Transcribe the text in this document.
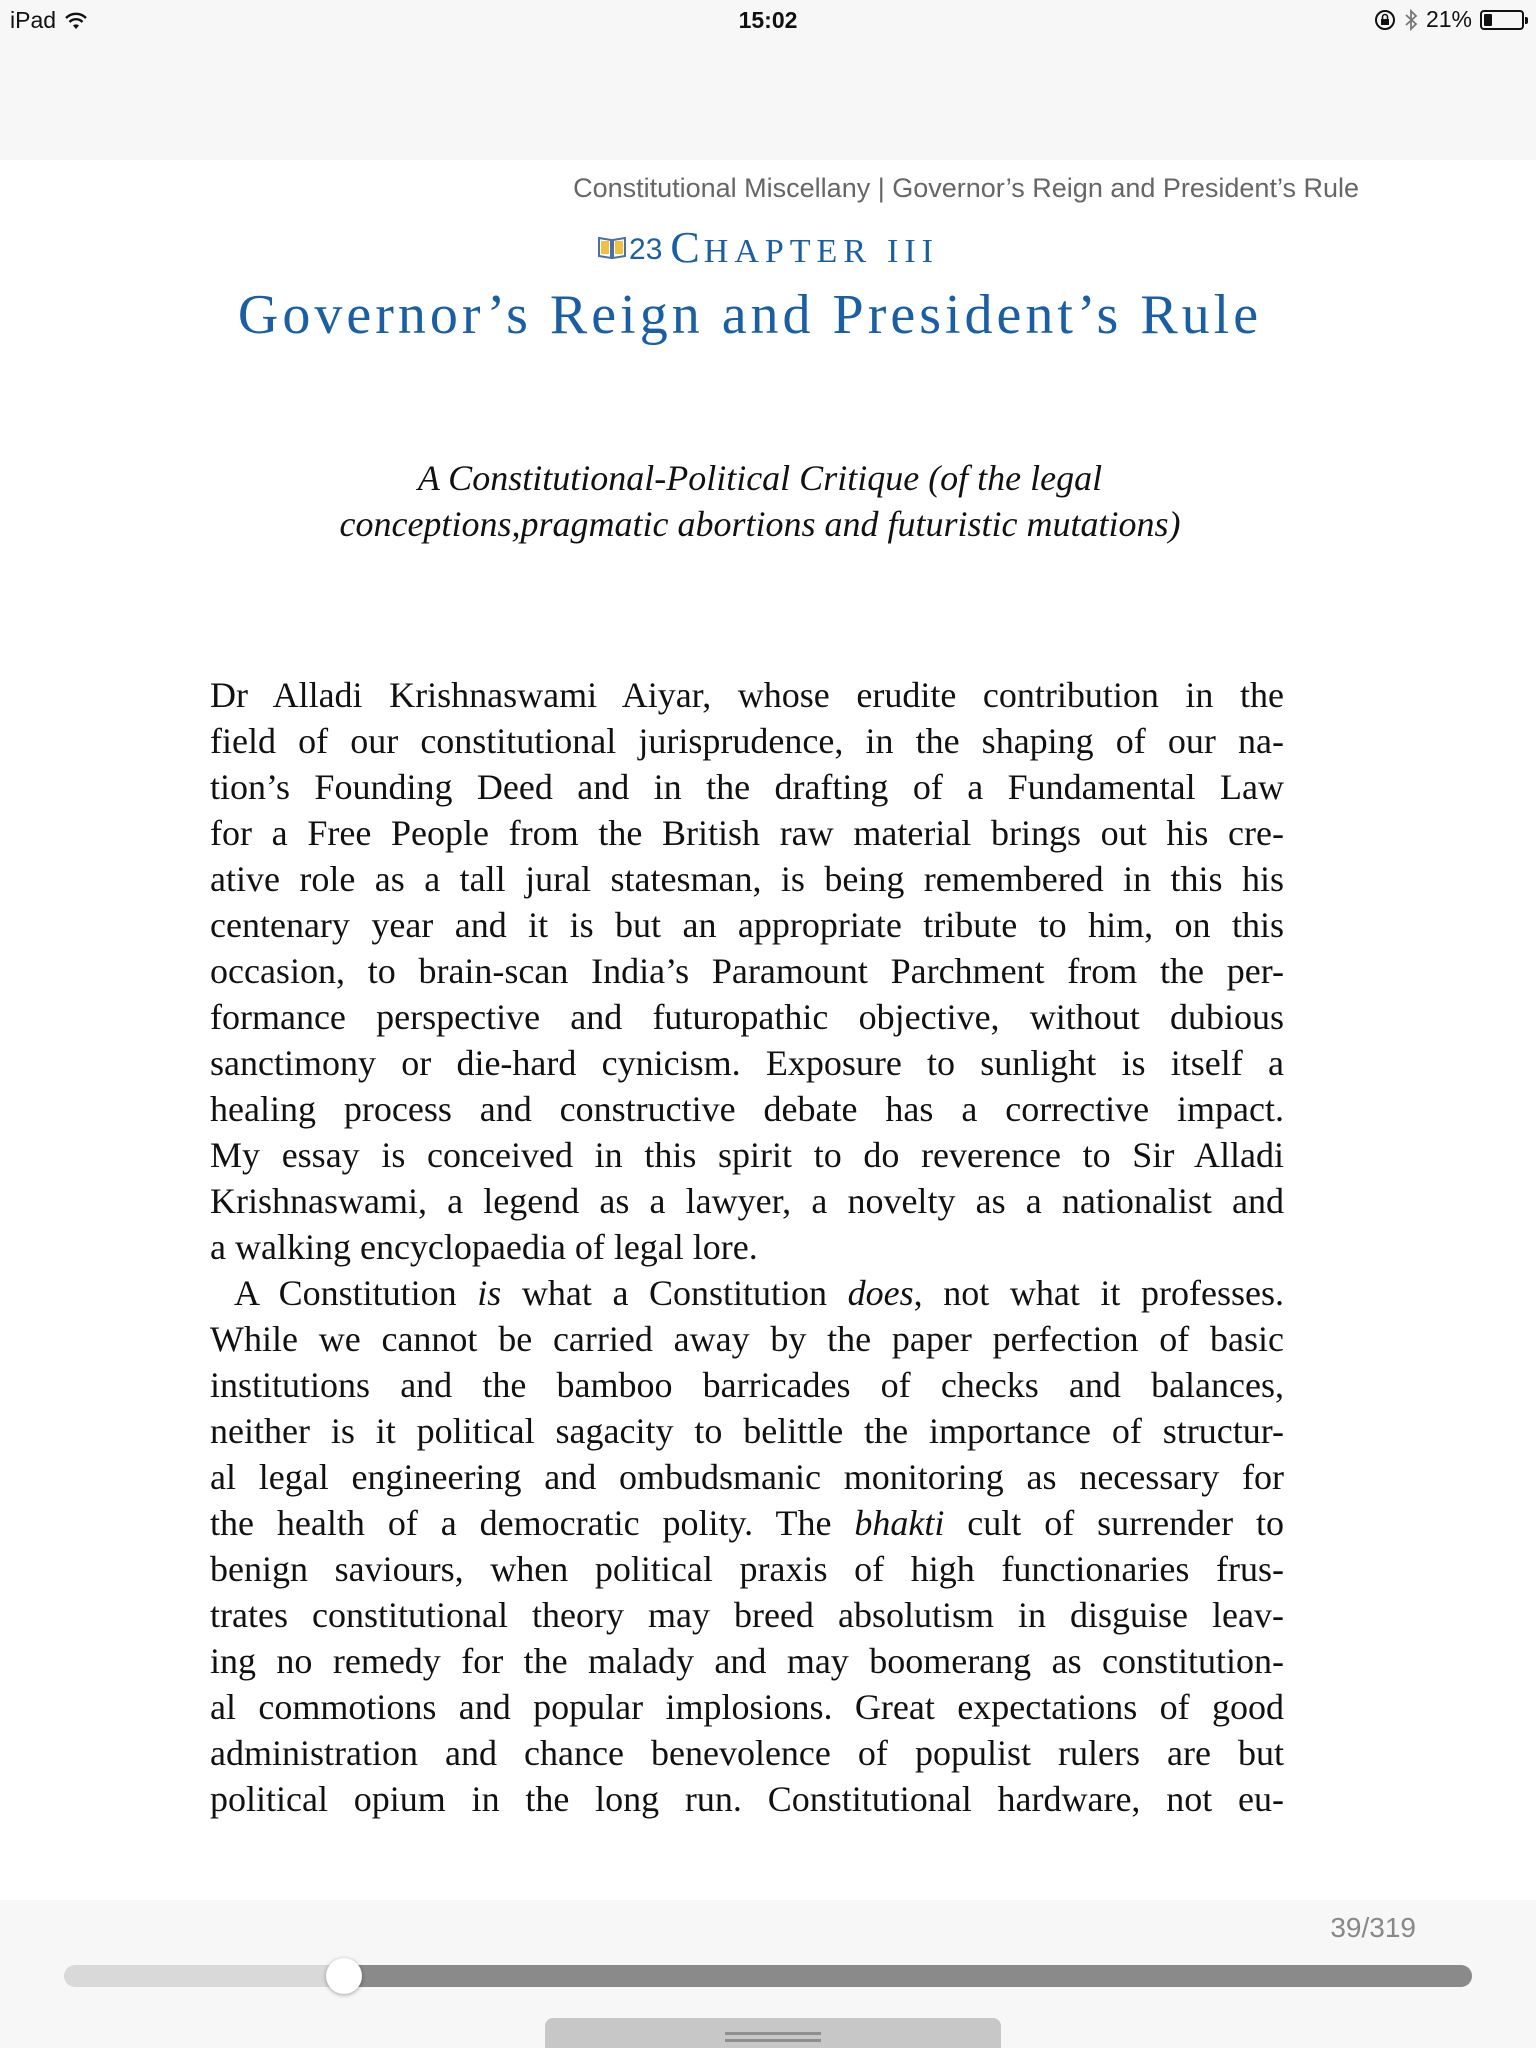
iPad	15:02	21%
Constitutional Miscellany | Governor’s Reign and President’s Rule
23 CHAPTER III
Governor’s Reign and President’s Rule
A Constitutional-Political Critique (of the legal conceptions,pragmatic abortions and futuristic mutations)
Dr Alladi Krishnaswami Aiyar, whose erudite contribution in the
field of our constitutional jurisprudence, in the shaping of our na-
tion’s Founding Deed and in the drafting of a Fundamental Law
for a Free People from the British raw material brings out his cre-
ative role as a tall jural statesman, is being remembered in this his
centenary year and it is but an appropriate tribute to him, on this
occasion, to brain-scan India’s Paramount Parchment from the per-
formance perspective and futuropathic objective, without dubious
sanctimony or die-hard cynicism. Exposure to sunlight is itself a
healing process and constructive debate has a corrective impact.
My essay is conceived in this spirit to do reverence to Sir Alladi
Krishnaswami, a legend as a lawyer, a novelty as a nationalist and
a walking encyclopaedia of legal lore.
A Constitution is what a Constitution does, not what it professes.
While we cannot be carried away by the paper perfection of basic
institutions and the bamboo barricades of checks and balances,
neither is it political sagacity to belittle the importance of structur-
al legal engineering and ombudsmanic monitoring as necessary for
the health of a democratic polity. The bhakti cult of surrender to
benign saviours, when political praxis of high functionaries frus-
trates constitutional theory may breed absolutism in disguise leav-
ing no remedy for the malady and may boomerang as constitution-
al commotions and popular implosions. Great expectations of good
administration and chance benevolence of populist rulers are but
political opium in the long run. Constitutional hardware, not eu-
39/319
